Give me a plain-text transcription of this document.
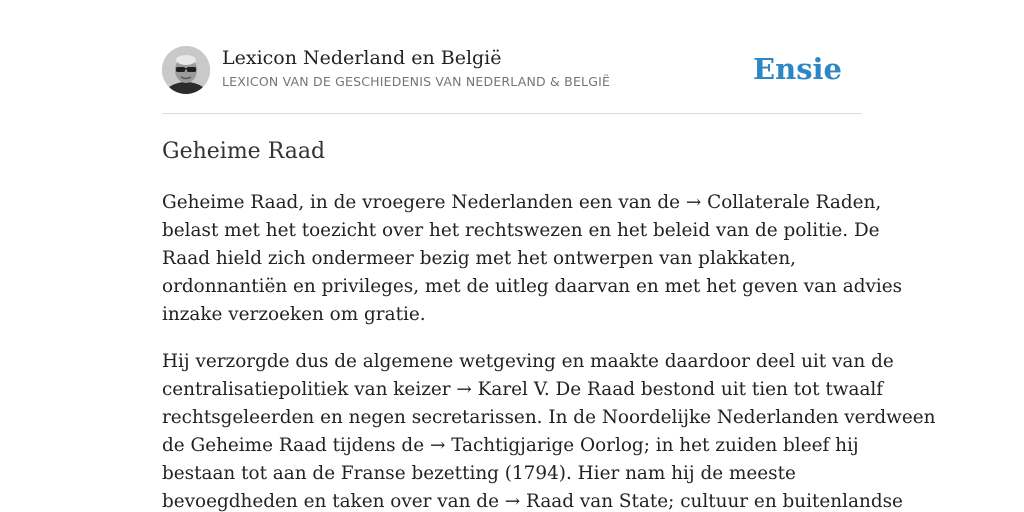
Lexicon Nederland en België
LEXICON VAN DE GESCHIEDENIS VAN NEDERLAND & BELGIË	Ensie
Geheime Raad

Geheime Raad, in de vroegere Nederlanden een van de → Collaterale Raden,
belast met het toezicht over het rechtswezen en het beleid van de politie. De
Raad hield zich ondermeer bezig met het ontwerpen van plakkaten,
ordonnantiën en privileges, met de uitleg daarvan en met het geven van advies
inzake verzoeken om gratie.

Hij verzorgde dus de algemene wetgeving en maakte daardoor deel uit van de
centralisatiepolitiek van keizer → Karel V. De Raad bestond uit tien tot twaalf
rechtsgeleerden en negen secretarissen. In de Noordelijke Nederlanden verdween
de Geheime Raad tijdens de → Tachtigjarige Oorlog; in het zuiden bleef hij
bestaan tot aan de Franse bezetting (1794). Hier nam hij de meeste
bevoegdheden en taken over van de → Raad van State; cultuur en buitenlandse
